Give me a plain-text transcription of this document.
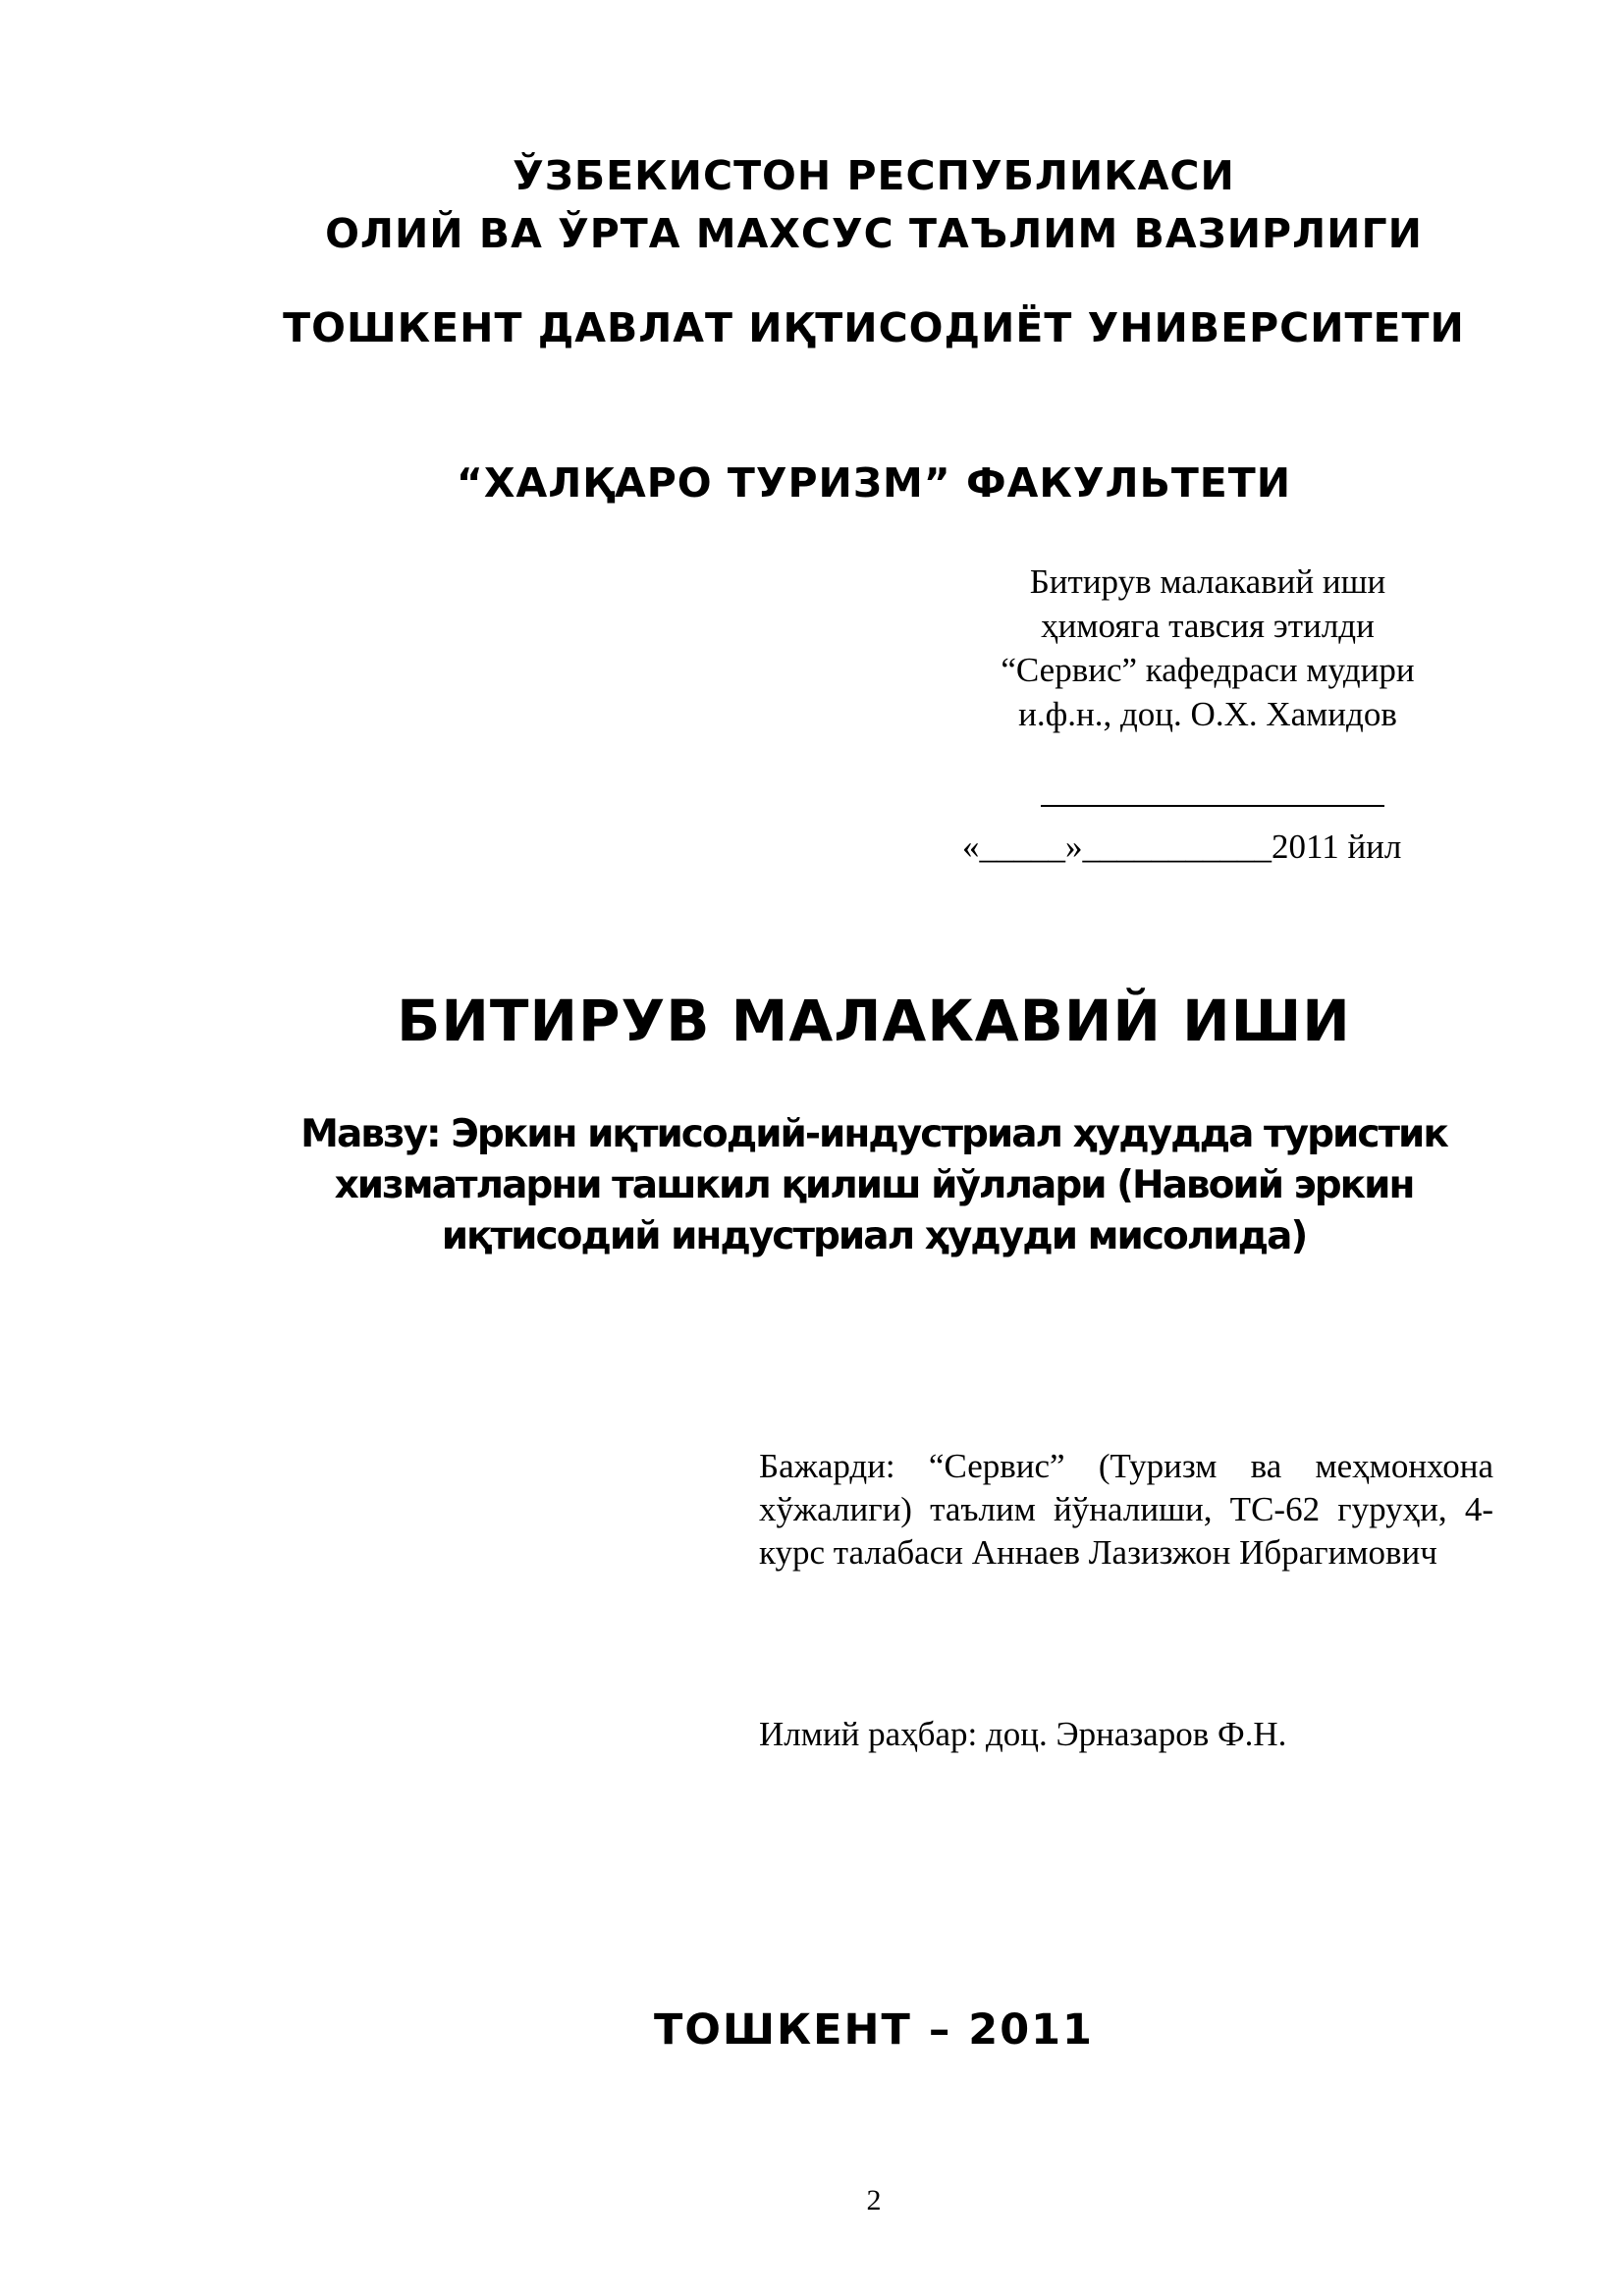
ЎЗБЕКИСТОН РЕСПУБЛИКАСИ
ОЛИЙ ВА ЎРТА МАХСУС ТАЪЛИМ ВАЗИРЛИГИ
ТОШКЕНТ ДАВЛАТ ИҚТИСОДИЁТ УНИВЕРСИТЕТИ
“ХАЛҚАРО ТУРИЗМ” ФАКУЛЬТЕТИ
Битирув малакавий иши
ҳимояга тавсия этилди
“Сервис” кафедраси мудири
и.ф.н., доц. О.Х. Хамидов
«_____»___________2011 йил
БИТИРУВ МАЛАКАВИЙ ИШИ
Мавзу: Эркин иқтисодий-индустриал ҳудудда туристик хизматларни ташкил қилиш йўллари (Навоий эркин иқтисодий индустриал ҳудуди мисолида)
Бажарди: “Сервис” (Туризм ва меҳмонхона хўжалиги) таълим йўналиши, ТС-62 гуруҳи, 4-курс талабаси Аннаев Лазизжон Ибрагимович
Илмий раҳбар: доц. Эрназаров Ф.Н.
ТОШКЕНТ – 2011
2
